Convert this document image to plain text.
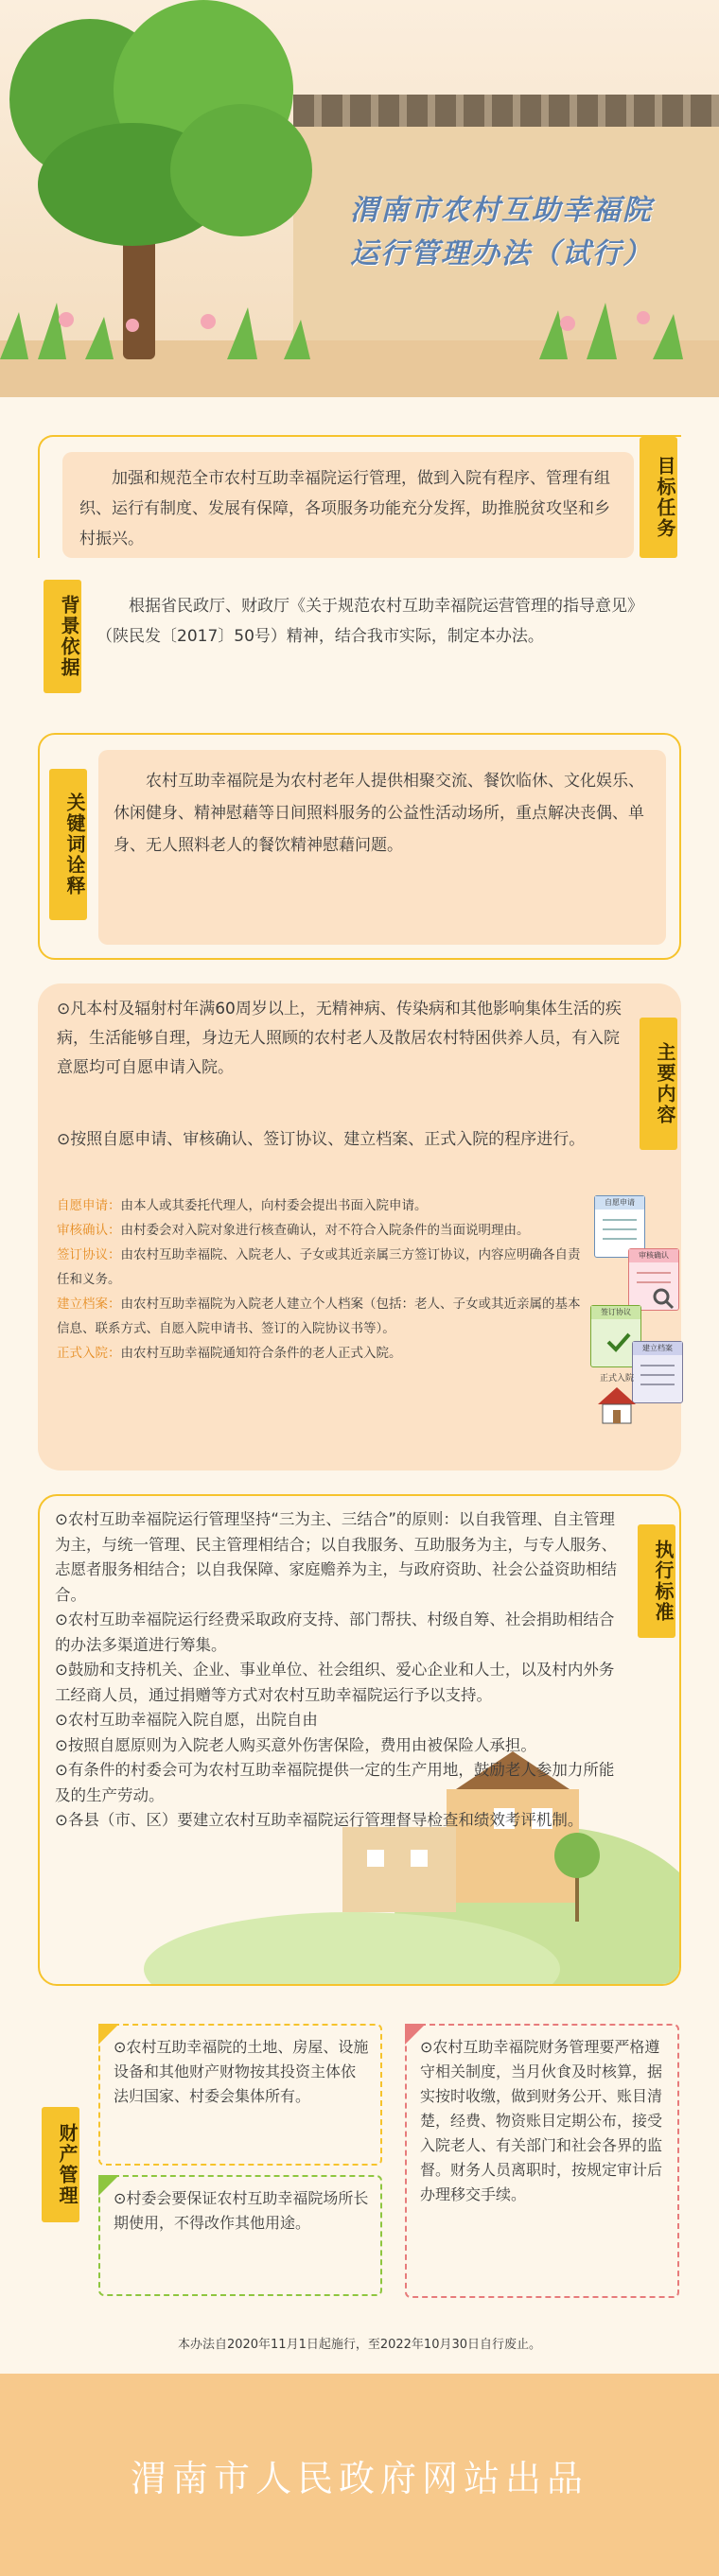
渭南市农村互助幸福院
运行管理办法（试行）

加强和规范全市农村互助幸福院运行管理，做到入院有程序、管理有组织、运行有制度、发展有保障，各项服务功能充分发挥，助推脱贫攻坚和乡村振兴。	目标任务
背景依据	根据省民政厅、财政厅《关于规范农村互助幸福院运营管理的指导意见》（陕民发〔2017〕50号）精神，结合我市实际，制定本办法。

关键词诠释

农村互助幸福院是为农村老年人提供相聚交流、餐饮临休、文化娱乐、休闲健身、精神慰藉等日间照料服务的公益性活动场所，重点解决丧偶、单身、无人照料老人的餐饮精神慰藉问题。

主要内容

⊙凡本村及辐射村年满60周岁以上，无精神病、传染病和其他影响集体生活的疾病，生活能够自理，身边无人照顾的农村老人及散居农村特困供养人员，有入院意愿均可自愿申请入院。

⊙按照自愿申请、审核确认、签订协议、建立档案、正式入院的程序进行。

自愿申请：由本人或其委托代理人，向村委会提出书面入院申请。

审核确认：由村委会对入院对象进行核查确认，对不符合入院条件的当面说明理由。

签订协议：由农村互助幸福院、入院老人、子女或其近亲属三方签订协议，内容应明确各自责任和义务。

建立档案：由农村互助幸福院为入院老人建立个人档案（包括：老人、子女或其近亲属的基本信息、联系方式、自愿入院申请书、签订的入院协议书等）。

正式入院：由农村互助幸福院通知符合条件的老人正式入院。

自愿申请
审核确认
签订协议
建立档案
正式入院
执行标准

⊙农村互助幸福院运行管理坚持“三为主、三结合”的原则：以自我管理、自主管理为主，与统一管理、民主管理相结合；以自我服务、互助服务为主，与专人服务、志愿者服务相结合；以自我保障、家庭赡养为主，与政府资助、社会公益资助相结合。

⊙农村互助幸福院运行经费采取政府支持、部门帮扶、村级自筹、社会捐助相结合的办法多渠道进行筹集。

⊙鼓励和支持机关、企业、事业单位、社会组织、爱心企业和人士，以及村内外务工经商人员，通过捐赠等方式对农村互助幸福院运行予以支持。

⊙农村互助幸福院入院自愿，出院自由

⊙按照自愿原则为入院老人购买意外伤害保险，费用由被保险人承担。

⊙有条件的村委会可为农村互助幸福院提供一定的生产用地，鼓励老人参加力所能及的生产劳动。

⊙各县（市、区）要建立农村互助幸福院运行管理督导检查和绩效考评机制。

财产管理

⊙农村互助幸福院的土地、房屋、设施设备和其他财产财物按其投资主体依法归国家、村委会集体所有。

⊙村委会要保证农村互助幸福院场所长期使用，不得改作其他用途。

⊙农村互助幸福院财务管理要严格遵守相关制度，当月伙食及时核算，据实按时收缴，做到财务公开、账目清楚，经费、物资账目定期公布，接受入院老人、有关部门和社会各界的监督。财务人员离职时，按规定审计后办理移交手续。

本办法自2020年11月1日起施行，至2022年10月30日自行废止。
渭南市人民政府网站出品
